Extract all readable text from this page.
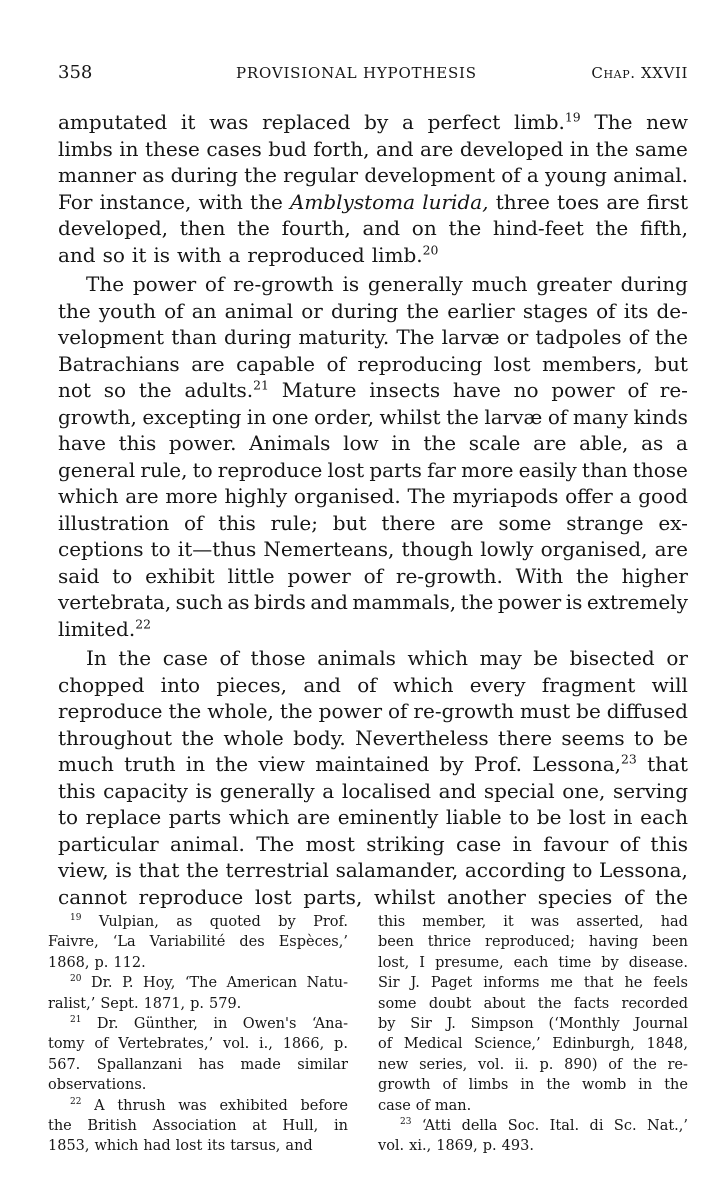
358	PROVISIONAL HYPOTHESIS	Chap. XXVII
amputated it was replaced by a perfect limb.$^{19}$ The new
limbs in these cases bud forth, and are developed in the same
manner as during the regular development of a young animal.
For instance, with the Amblystoma lurida, three toes are first
developed, then the fourth, and on the hind-feet the fifth,
and so it is with a reproduced limb.$^{20}$
The power of re-growth is generally much greater during
the youth of an animal or during the earlier stages of its de-
velopment than during maturity. The larvæ or tadpoles of the
Batrachians are capable of reproducing lost members, but
not so the adults.$^{21}$ Mature insects have no power of re-
growth, excepting in one order, whilst the larvæ of many kinds
have this power. Animals low in the scale are able, as a
general rule, to reproduce lost parts far more easily than those
which are more highly organised. The myriapods offer a good
illustration of this rule; but there are some strange ex-
ceptions to it—thus Nemerteans, though lowly organised, are
said to exhibit little power of re-growth. With the higher
vertebrata, such as birds and mammals, the power is extremely
limited.$^{22}$
In the case of those animals which may be bisected or
chopped into pieces, and of which every fragment will
reproduce the whole, the power of re-growth must be diffused
throughout the whole body. Nevertheless there seems to be
much truth in the view maintained by Prof. Lessona,$^{23}$ that
this capacity is generally a localised and special one, serving
to replace parts which are eminently liable to be lost in each
particular animal. The most striking case in favour of this
view, is that the terrestrial salamander, according to Lessona,
cannot reproduce lost parts, whilst another species of the
$^{19}$ Vulpian, as quoted by Prof.
Faivre, ‘La Variabilité des Espèces,’
1868, p. 112.
$^{20}$ Dr. P. Hoy, ‘The American Natu-
ralist,’ Sept. 1871, p. 579.
$^{21}$ Dr. Günther, in Owen's ‘Ana-
tomy of Vertebrates,’ vol. i., 1866, p.
567. Spallanzani has made similar
observations.
$^{22}$ A thrush was exhibited before
the British Association at Hull, in
1853, which had lost its tarsus, and
this member, it was asserted, had
been thrice reproduced; having been
lost, I presume, each time by disease.
Sir J. Paget informs me that he feels
some doubt about the facts recorded
by Sir J. Simpson (‘Monthly Journal
of Medical Science,’ Edinburgh, 1848,
new series, vol. ii. p. 890) of the re-
growth of limbs in the womb in the
case of man.
$^{23}$ ‘Atti della Soc. Ital. di Sc. Nat.,’
vol. xi., 1869, p. 493.
